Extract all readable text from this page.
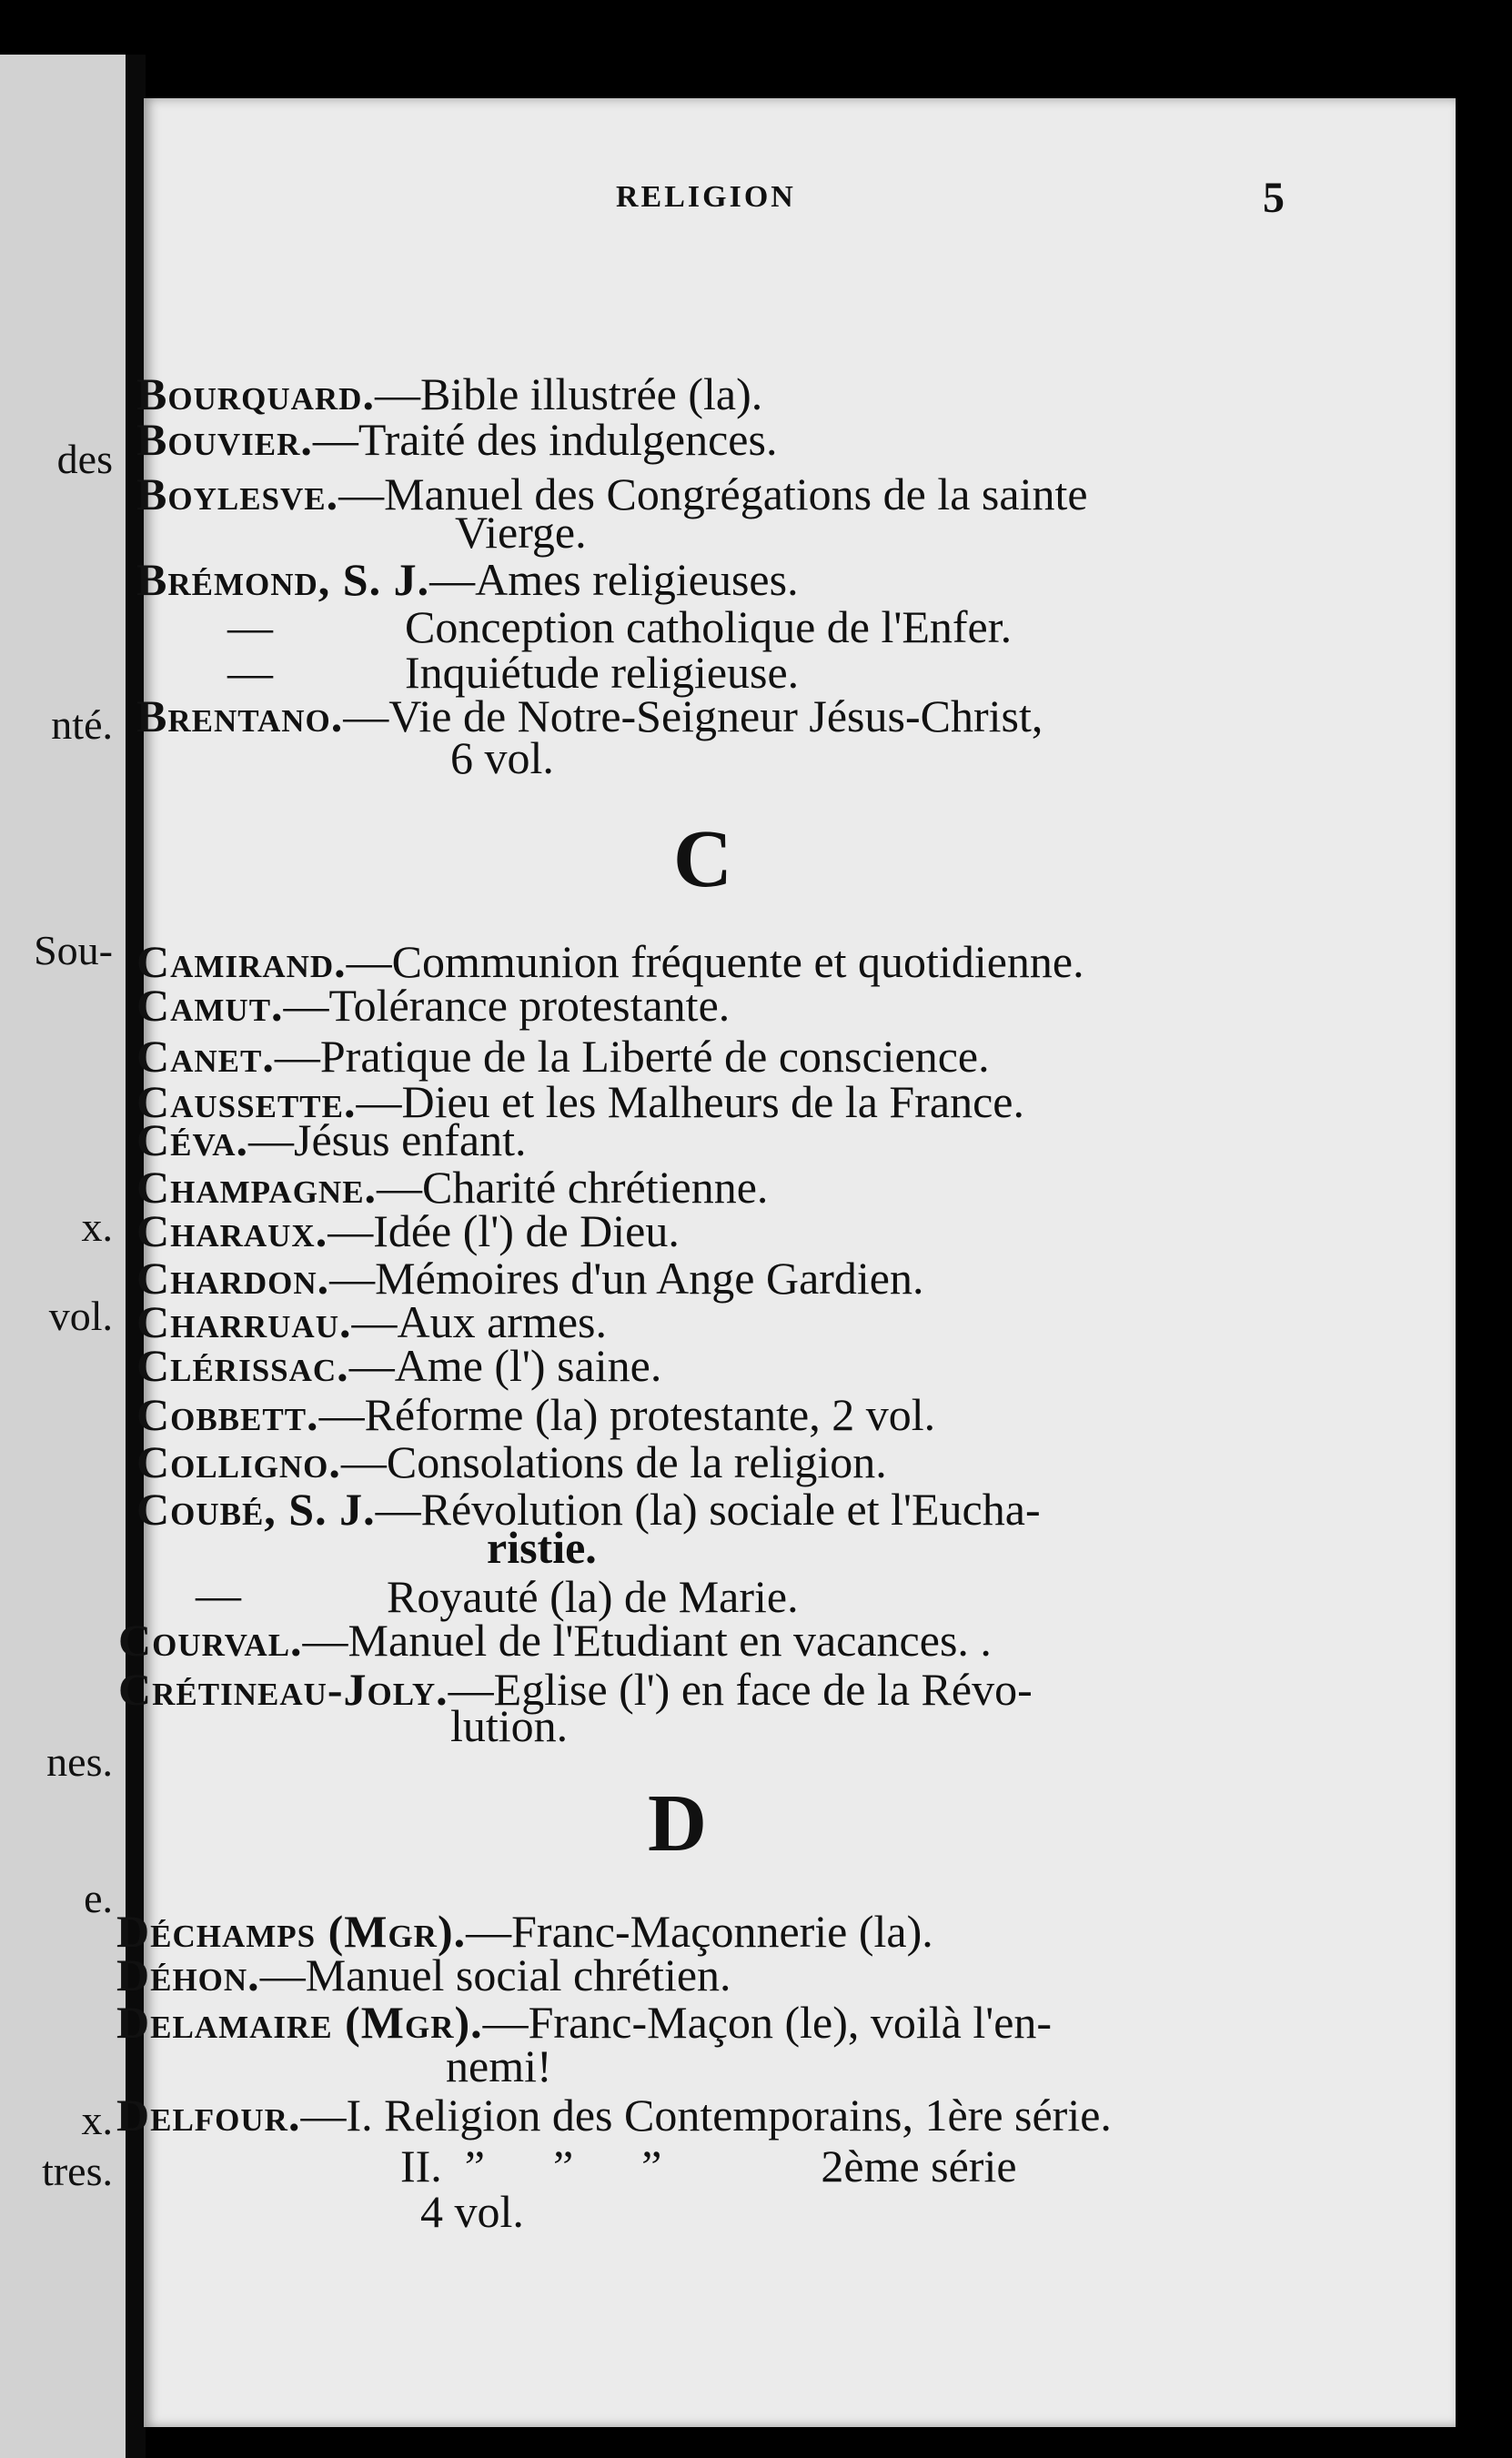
des
nté.
Sou-
x.
vol.
nes.
e.
x.
tres.
RELIGION	5
Bourquard.—Bible illustrée (la).
Bouvier.—Traité des indulgences.
Boylesve.—Manuel des Congrégations de la sainte
Vierge.
Brémond, S. J.—Ames religieuses.
—	Conception catholique de l'Enfer.
—	Inquiétude religieuse.
Brentano.—Vie de Notre-Seigneur Jésus-Christ,
6 vol.
C
Camirand.—Communion fréquente et quotidienne.
Camut.—Tolérance protestante.
Canet.—Pratique de la Liberté de conscience.
Caussette.—Dieu et les Malheurs de la France.
Céva.—Jésus enfant.
Champagne.—Charité chrétienne.
Charaux.—Idée (l') de Dieu.
Chardon.—Mémoires d'un Ange Gardien.
Charruau.—Aux armes.
Clérissac.—Ame (l') saine.
Cobbett.—Réforme (la) protestante, 2 vol.
Colligno.—Consolations de la religion.
Coubé, S. J.—Révolution (la) sociale et l'Eucha-
ristie.
—	Royauté (la) de Marie.
Courval.—Manuel de l'Etudiant en vacances. .
Crétineau-Joly.—Eglise (l') en face de la Révo-
lution.
D
Déchamps (Mgr).—Franc-Maçonnerie (la).
Déhon.—Manuel social chrétien.
Delamaire (Mgr).—Franc-Maçon (le), voilà l'en-
nemi!
Delfour.—I. Religion des Contemporains, 1ère série.
II.  ”      ”      ”              2ème série
4 vol.
